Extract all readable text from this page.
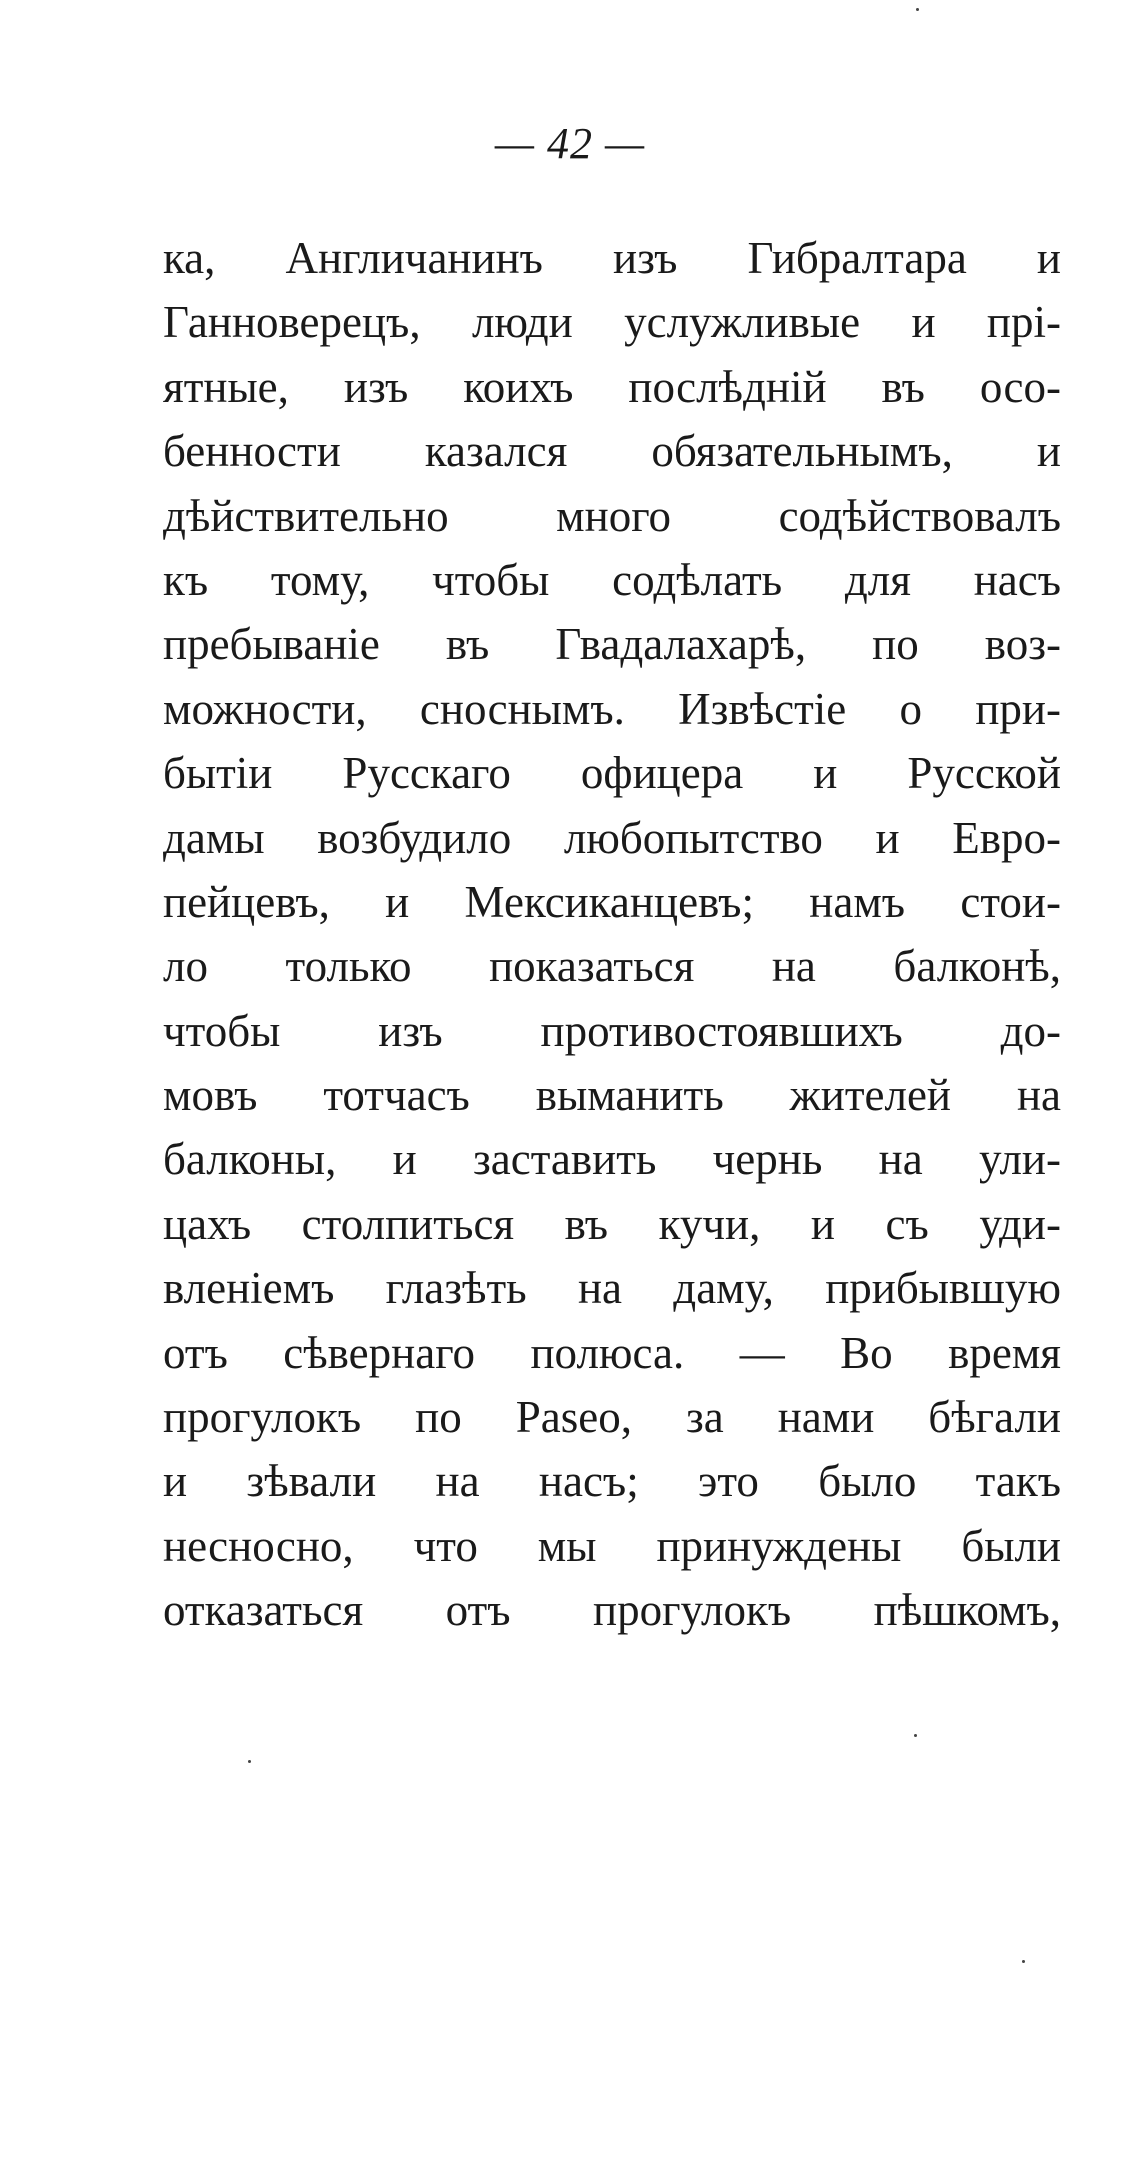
— 42 —
ка, Англичанинъ изъ Гибралтара и
Ганноверецъ, люди услужливые и прі-
ятные, изъ коихъ послѣдній въ осо-
бенности казался обязательнымъ, и
дѣйствительно много содѣйствовалъ
къ тому, чтобы содѣлать для насъ
пребыванiе въ Гвадалахарѣ, по воз-
можности, сноснымъ. Извѣстіе о при-
бытіи Русскаго офицера и Русской
дамы возбудило любопытство и Евро-
пейцевъ, и Мексиканцевъ; намъ стои-
ло только показаться на балконѣ,
чтобы изъ противостоявшихъ до-
мовъ тотчасъ выманить жителей на
балконы, и заставить чернь на ули-
цахъ столпиться въ кучи, и съ уди-
вленіемъ глазѣть на даму, прибывшую
отъ сѣвернаго полюса. — Во время
прогулокъ по Paseo, за нами бѣгали
и зѣвали на насъ; это было такъ
несносно, что мы принуждены были
отказаться отъ прогулокъ пѣшкомъ,
